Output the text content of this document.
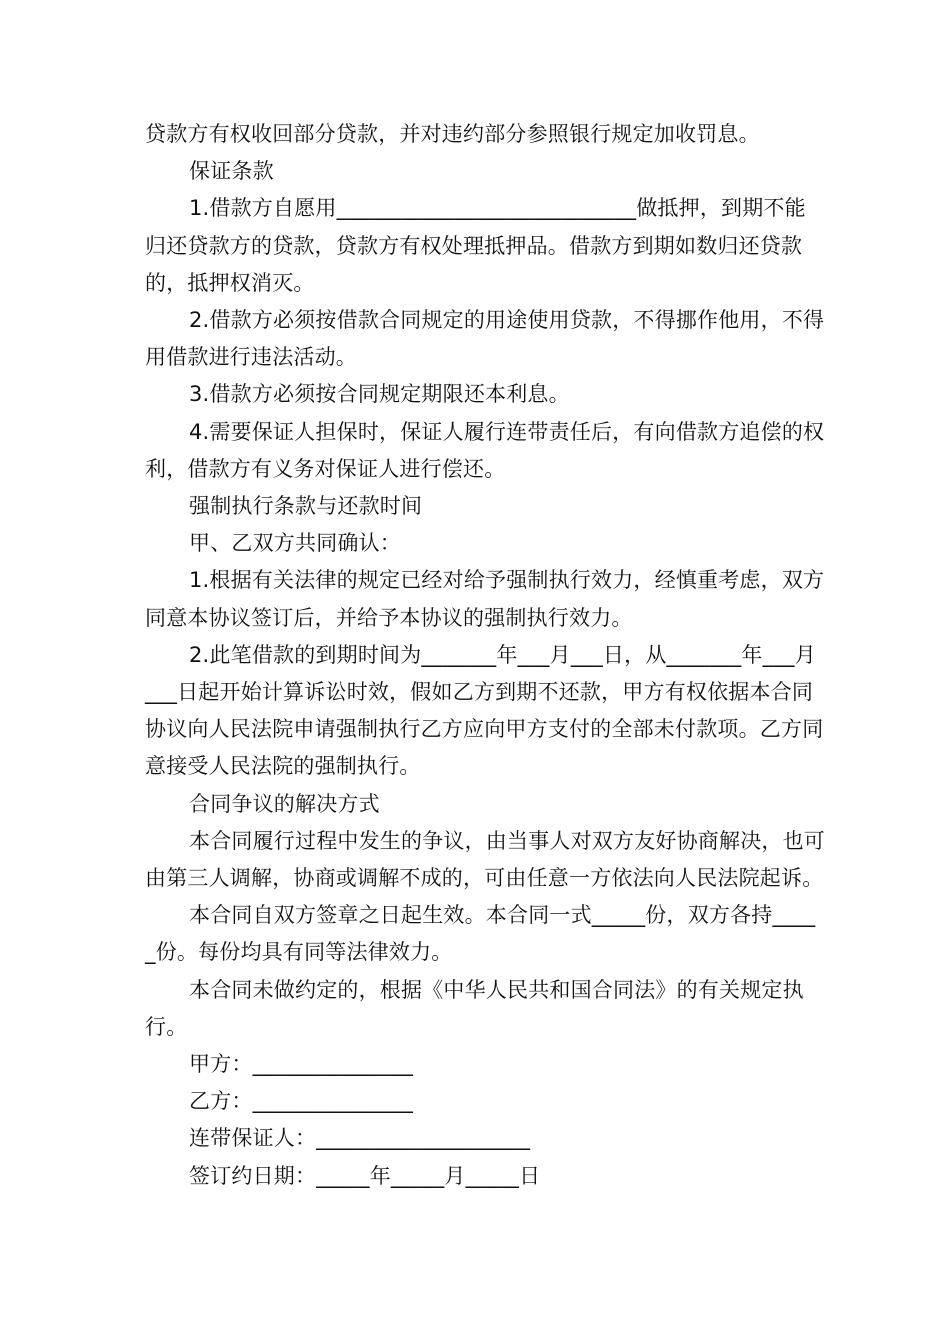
贷款方有权收回部分贷款，并对违约部分参照银行规定加收罚息。

保证条款

1.借款方自愿用____________________________做抵押，到期不能归还贷款方的贷款，贷款方有权处理抵押品。借款方到期如数归还贷款的，抵押权消灭。

2.借款方必须按借款合同规定的用途使用贷款，不得挪作他用，不得用借款进行违法活动。

3.借款方必须按合同规定期限还本利息。

4.需要保证人担保时，保证人履行连带责任后，有向借款方追偿的权利，借款方有义务对保证人进行偿还。

强制执行条款与还款时间

甲、乙双方共同确认：

1.根据有关法律的规定已经对给予强制执行效力，经慎重考虑，双方同意本协议签订后，并给予本协议的强制执行效力。

2.此笔借款的到期时间为_______年___月___日，从_______年___月___日起开始计算诉讼时效，假如乙方到期不还款，甲方有权依据本合同协议向人民法院申请强制执行乙方应向甲方支付的全部未付款项。乙方同意接受人民法院的强制执行。

合同争议的解决方式

本合同履行过程中发生的争议，由当事人对双方友好协商解决，也可由第三人调解，协商或调解不成的，可由任意一方依法向人民法院起诉。

本合同自双方签章之日起生效。本合同一式_____份，双方各持_____份。每份均具有同等法律效力。

本合同未做约定的，根据《中华人民共和国合同法》的有关规定执行。

甲方：_______________

乙方：_______________

连带保证人：____________________

签订约日期：_____年_____月_____日
